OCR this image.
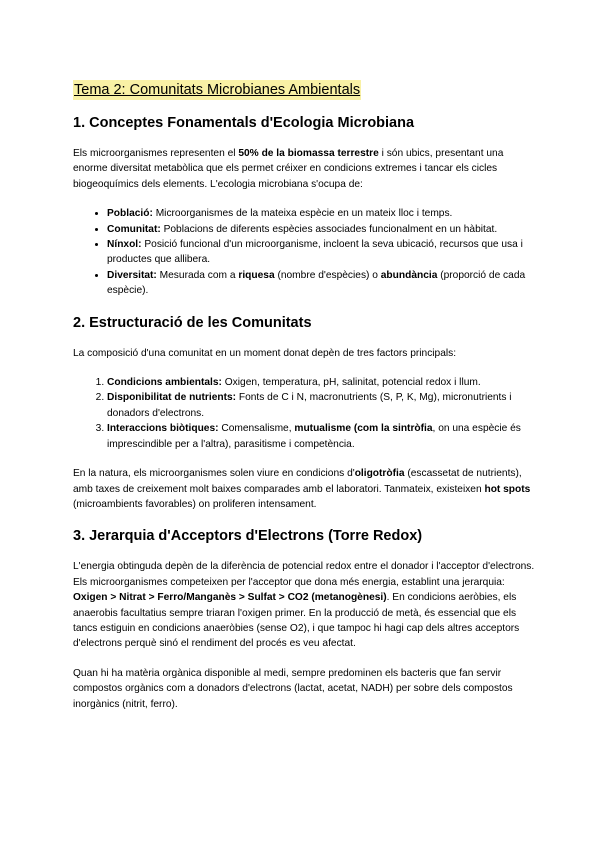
Tema 2: Comunitats Microbianes Ambientals
1. Conceptes Fonamentals d'Ecologia Microbiana

Els microorganismes representen el 50% de la biomassa terrestre i són ubics, presentant una enorme diversitat metabòlica que els permet créixer en condicions extremes i tancar els cicles biogeoquímics dels elements. L'ecologia microbiana s'ocupa de:

• Població: Microorganismes de la mateixa espècie en un mateix lloc i temps.
• Comunitat: Poblacions de diferents espècies associades funcionalment en un hàbitat.
• Nínxol: Posició funcional d'un microorganisme, incloent la seva ubicació, recursos que usa i productes que allibera.
• Diversitat: Mesurada com a riquesa (nombre d'espècies) o abundància (proporció de cada espècie).
2. Estructuració de les Comunitats

La composició d'una comunitat en un moment donat depèn de tres factors principals:

1. Condicions ambientals: Oxigen, temperatura, pH, salinitat, potencial redox i llum.
2. Disponibilitat de nutrients: Fonts de C i N, macronutrients (S, P, K, Mg), micronutrients i donadors d'electrons.
3. Interaccions biòtiques: Comensalisme, mutualisme (com la sintròfia, on una espècie és imprescindible per a l'altra), parasitisme i competència.

En la natura, els microorganismes solen viure en condicions d'oligotròfia (escassetat de nutrients), amb taxes de creixement molt baixes comparades amb el laboratori. Tanmateix, existeixen hot spots (microambients favorables) on proliferen intensament.

3. Jerarquia d'Acceptors d'Electrons (Torre Redox)

L'energia obtinguda depèn de la diferència de potencial redox entre el donador i l'acceptor d'electrons. Els microorganismes competeixen per l'acceptor que dona més energia, establint una jerarquia: Oxigen > Nitrat > Ferro/Manganès > Sulfat > CO2 (metanogènesi). En condicions aeròbies, els anaerobis facultatius sempre triaran l'oxigen primer. En la producció de metà, és essencial que els tancs estiguin en condicions anaeròbies (sense O2), i que tampoc hi hagi cap dels altres acceptors d'electrons perquè sinó el rendiment del procés es veu afectat.

Quan hi ha matèria orgànica disponible al medi, sempre predominen els bacteris que fan servir compostos orgànics com a donadors d'electrons (lactat, acetat, NADH) per sobre dels compostos inorgànics (nitrit, ferro).
